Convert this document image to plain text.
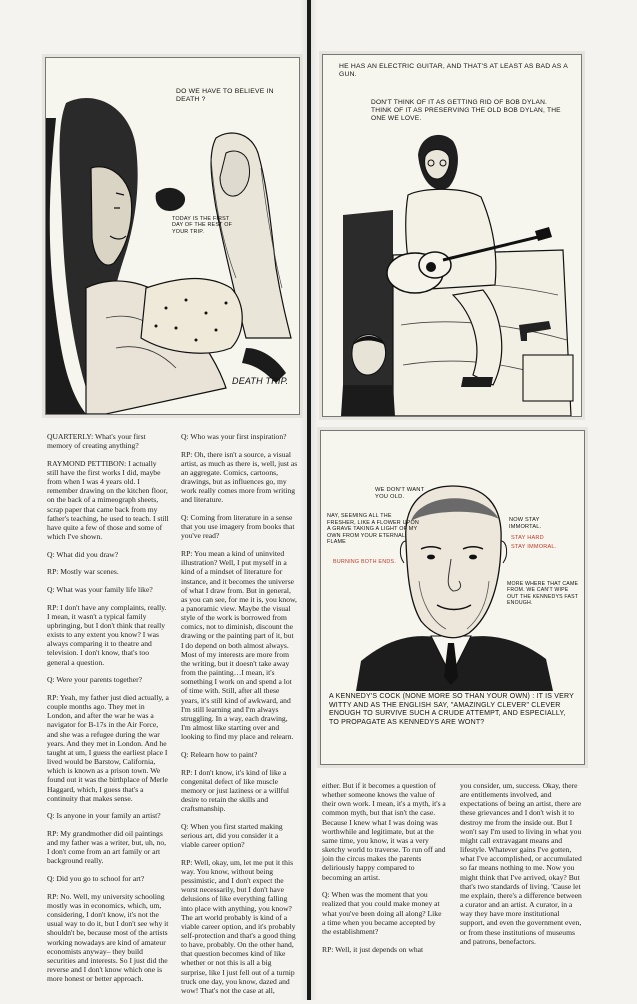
DO WE HAVE TO BELIEVE IN DEATH ?
TODAY IS THE FIRST DAY OF THE REST OF YOUR TRIP.
DEATH TRIP.
HE HAS AN ELECTRIC GUITAR, AND THAT'S AT LEAST AS BAD AS A GUN.
DON'T THINK OF IT AS GETTING RID OF BOB DYLAN. THINK OF IT AS PRESERVING THE OLD BOB DYLAN, THE ONE WE LOVE.
WE DON'T WANT YOU OLD.
NAY, SEEMING ALL THE FRESHER, LIKE A FLOWER UPON A GRAVE TAKING A LIGHT OF MY OWN FROM YOUR ETERNAL FLAME
BURNING BOTH ENDS.
NOW STAY IMMORTAL.
STAY HARD
STAY IMMORAL.
MORE WHERE THAT CAME FROM. WE CAN'T WIPE OUT THE KENNEDYS FAST ENOUGH.
A KENNEDY'S COCK (NONE MORE SO THAN YOUR OWN) : IT IS VERY WITTY AND AS THE ENGLISH SAY, "AMAZINGLY CLEVER" CLEVER ENOUGH TO SURVIVE SUCH A CRUDE ATTEMPT, AND ESPECIALLY, TO PROPAGATE AS KENNEDYS ARE WONT?

QUARTERLY: What's your first memory of creating anything?

RAYMOND PETTIBON: I actually still have the first works I did, maybe from when I was 4 years old. I remember drawing on the kitchen floor, on the back of a mimeograph sheets, scrap paper that came back from my father's teaching, he used to teach. I still have quite a few of those and some of which I've shown.

Q: What did you draw?

RP: Mostly war scenes.

Q: What was your family life like?

RP: I don't have any complaints, really. I mean, it wasn't a typical family upbringing, but I don't think that really exists to any extent you know? I was always comparing it to theatre and television. I don't know, that's too general a question.

Q: Were your parents together?

RP: Yeah, my father just died actually, a couple months ago. They met in London, and after the war he was a navigator for B-17s in the Air Force, and she was a refugee during the war years. And they met in London. And he taught at um, I guess the earliest place I lived would be Barstow, California, which is known as a prison town. We found out it was the birthplace of Merle Haggard, which, I guess that's a continuity that makes sense.

Q: Is anyone in your family an artist?

RP: My grandmother did oil paintings and my father was a writer, but, uh, no, I don't come from an art family or art background really.

Q: Did you go to school for art?

RP: No. Well, my university schooling mostly was in economics, which, um, considering, I don't know, it's not the usual way to do it, but I don't see why it shouldn't be, because most of the artists working nowadays are kind of amateur economists anyway– they build securities and interests. So I just did the reverse and I don't know which one is more honest or better approach.

Q: Who was your first inspiration?

RP: Oh, there isn't a source, a visual artist, as much as there is, well, just as an aggregate. Comics, cartoons, drawings, but as influences go, my work really comes more from writing and literature.

Q: Coming from literature in a sense that you use imagery from books that you've read?

RP: You mean a kind of uninvited illustration? Well, I put myself in a kind of a mindset of literature for instance, and it becomes the universe of what I draw from. But in general, as you can see, for me it is, you know, a panoramic view. Maybe the visual style of the work is borrowed from comics, not to diminish, discount the drawing or the painting part of it, but I do depend on both almost always. Most of my interests are more from the writing, but it doesn't take away from the painting…I mean, it's something I work on and spend a lot of time with. Still, after all these years, it's still kind of awkward, and I'm still learning and I'm always struggling. In a way, each drawing, I'm almost like starting over and looking to find my place and relearn.

Q: Relearn how to paint?

RP: I don't know, it's kind of like a congenital defect of like muscle memory or just laziness or a willful desire to retain the skills and craftsmanship.

Q: When you first started making serious art, did you consider it a viable career option?

RP: Well, okay, um, let me put it this way. You know, without being pessimistic, and I don't expect the worst necessarily, but I don't have delusions of like everything falling into place with anything, you know? The art world probably is kind of a viable career option, and it's probably self-protection and that's a good thing to have, probably. On the other hand, that question becomes kind of like whether or not this is all a big surprise, like I just fell out of a turnip truck one day, you know, dazed and wow! That's not the case at all,

either. But if it becomes a question of whether someone knows the value of their own work. I mean, it's a myth, it's a common myth, but that isn't the case. Because I knew what I was doing was worthwhile and legitimate, but at the same time, you know, it was a very sketchy world to traverse. To run off and join the circus makes the parents deliriously happy compared to becoming an artist.

Q: When was the moment that you realized that you could make money at what you've been doing all along? Like a time when you became accepted by the establishment?

RP: Well, it just depends on what

you consider, um, success. Okay, there are entitlements involved, and expectations of being an artist, there are these grievances and I don't wish it to destroy me from the inside out. But I won't say I'm used to living in what you might call extravagant means and lifestyle. Whatever gains I've gotten, what I've accomplished, or accumulated so far means nothing to me. Now you might think that I've arrived, okay? But that's two standards of living. 'Cause let me explain, there's a difference between a curator and an artist. A curator, in a way they have more institutional support, and even the government even, or from these institutions of museums and patrons, benefactors.
